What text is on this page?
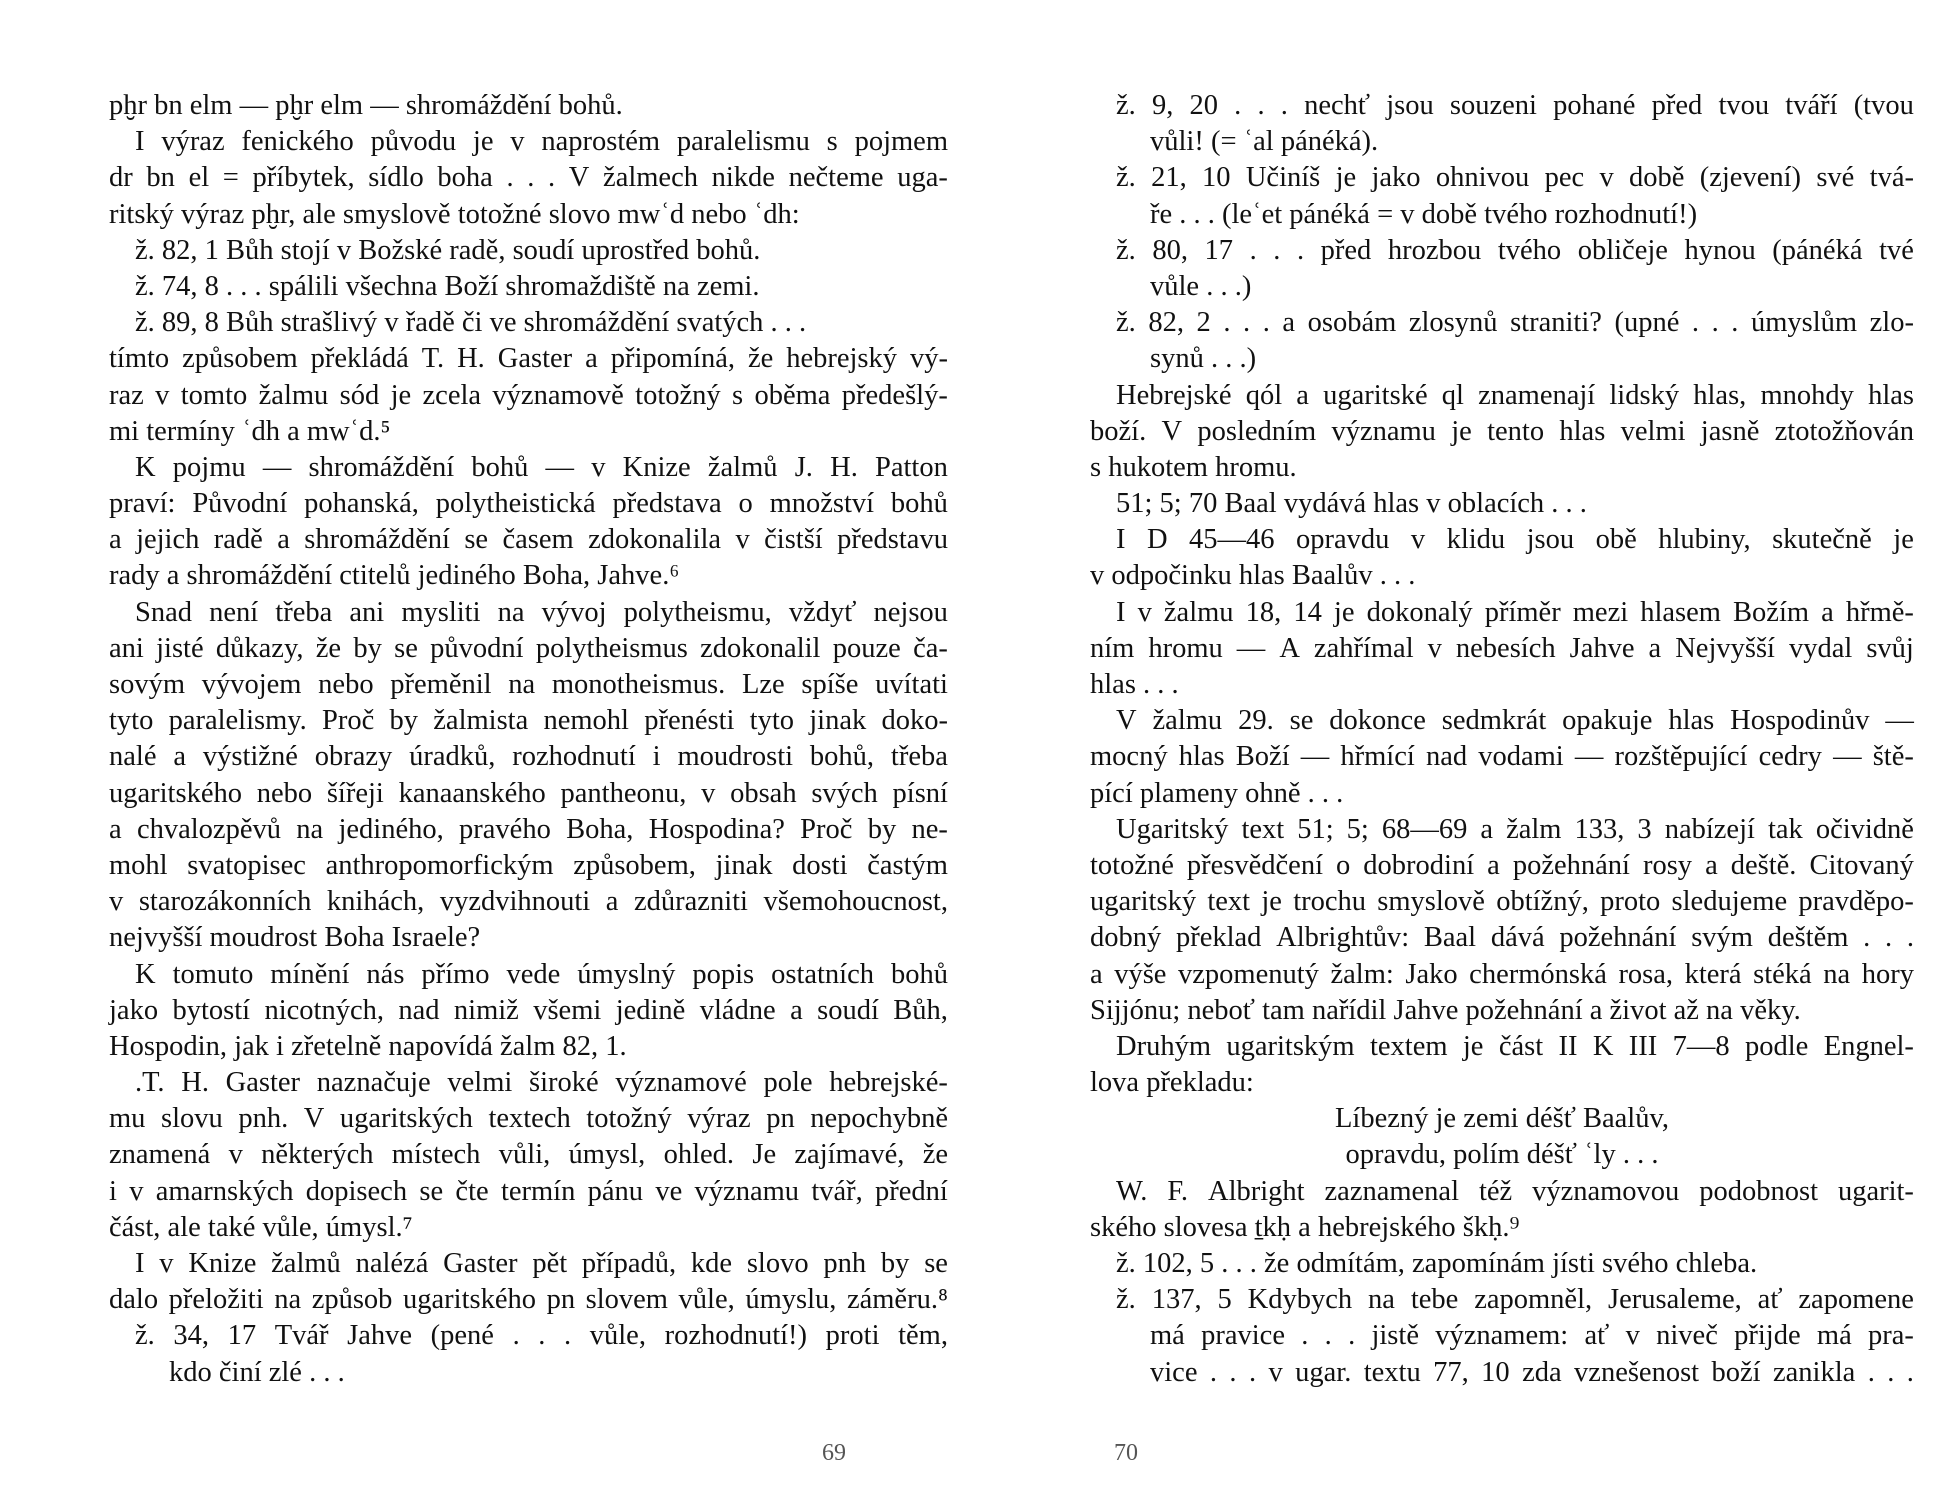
pḫr bn elm — pḫr elm — shromáždění bohů.
I výraz fenického původu je v naprostém paralelismu s pojmem
dr bn el = příbytek, sídlo boha . . . V žalmech nikde nečteme uga-
ritský výraz pḫr, ale smyslově totožné slovo mwʿd nebo ʿdh:
ž. 82, 1 Bůh stojí v Božské radě, soudí uprostřed bohů.
ž. 74, 8 . . . spálili všechna Boží shromaždiště na zemi.
ž. 89, 8 Bůh strašlivý v řadě či ve shromáždění svatých . . .
tímto způsobem překládá T. H. Gaster a připomíná, že hebrejský vý-
raz v tomto žalmu sód je zcela významově totožný s oběma předešlý-
mi termíny ʿdh a mwʿd.⁵
K pojmu — shromáždění bohů — v Knize žalmů J. H. Patton
praví: Původní pohanská, polytheistická představa o množství bohů
a jejich radě a shromáždění se časem zdokonalila v čistší představu
rady a shromáždění ctitelů jediného Boha, Jahve.⁶
Snad není třeba ani mysliti na vývoj polytheismu, vždyť nejsou
ani jisté důkazy, že by se původní polytheismus zdokonalil pouze ča-
sovým vývojem nebo přeměnil na monotheismus. Lze spíše uvítati
tyto paralelismy. Proč by žalmista nemohl přenésti tyto jinak doko-
nalé a výstižné obrazy úradků, rozhodnutí i moudrosti bohů, třeba
ugaritského nebo šířeji kanaanského pantheonu, v obsah svých písní
a chvalozpěvů na jediného, pravého Boha, Hospodina? Proč by ne-
mohl svatopisec anthropomorfickým způsobem, jinak dosti častým
v starozákonních knihách, vyzdvihnouti a zdůrazniti všemohoucnost,
nejvyšší moudrost Boha Israele?
K tomuto mínění nás přímo vede úmyslný popis ostatních bohů
jako bytostí nicotných, nad nimiž všemi jedině vládne a soudí Bůh,
Hospodin, jak i zřetelně napovídá žalm 82, 1.
.T. H. Gaster naznačuje velmi široké významové pole hebrejské-
mu slovu pnh. V ugaritských textech totožný výraz pn nepochybně
znamená v některých místech vůli, úmysl, ohled. Je zajímavé, že
i v amarnských dopisech se čte termín pánu ve významu tvář, přední
část, ale také vůle, úmysl.⁷
I v Knize žalmů nalézá Gaster pět případů, kde slovo pnh by se
dalo přeložiti na způsob ugaritského pn slovem vůle, úmyslu, záměru.⁸
ž. 34, 17 Tvář Jahve (pené . . . vůle, rozhodnutí!) proti těm,
kdo činí zlé . . .
ž. 9, 20 . . . nechť jsou souzeni pohané před tvou tváří (tvou
vůli! (= ʿal pánéká).
ž. 21, 10 Učiníš je jako ohnivou pec v době (zjevení) své tvá-
ře . . . (leʿet pánéká = v době tvého rozhodnutí!)
ž. 80, 17 . . . před hrozbou tvého obličeje hynou (pánéká tvé
vůle . . .)
ž. 82, 2 . . . a osobám zlosynů straniti? (upné . . . úmyslům zlo-
synů . . .)
Hebrejské qól a ugaritské ql znamenají lidský hlas, mnohdy hlas
boží. V posledním významu je tento hlas velmi jasně ztotožňován
s hukotem hromu.
51; 5; 70 Baal vydává hlas v oblacích . . .
I D 45—46 opravdu v klidu jsou obě hlubiny, skutečně je
v odpočinku hlas Baalův . . .
I v žalmu 18, 14 je dokonalý příměr mezi hlasem Božím a hřmě-
ním hromu — A zahřímal v nebesích Jahve a Nejvyšší vydal svůj
hlas . . .
V žalmu 29. se dokonce sedmkrát opakuje hlas Hospodinův —
mocný hlas Boží — hřmící nad vodami — rozštěpující cedry — ště-
pící plameny ohně . . .
Ugaritský text 51; 5; 68—69 a žalm 133, 3 nabízejí tak očividně
totožné přesvědčení o dobrodiní a požehnání rosy a deště. Citovaný
ugaritský text je trochu smyslově obtížný, proto sledujeme pravděpo-
dobný překlad Albrightův: Baal dává požehnání svým deštěm . . .
a výše vzpomenutý žalm: Jako chermónská rosa, která stéká na hory
Sijjónu; neboť tam nařídil Jahve požehnání a život až na věky.
Druhým ugaritským textem je část II K III 7—8 podle Engnel-
lova překladu:
Líbezný je zemi déšť Baalův,
opravdu, polím déšť ʿly . . .
W. F. Albright zaznamenal též významovou podobnost ugarit-
ského slovesa ṯkḥ a hebrejského škḥ.⁹
ž. 102, 5 . . . že odmítám, zapomínám jísti svého chleba.
ž. 137, 5 Kdybych na tebe zapomněl, Jerusaleme, ať zapomene
má pravice . . . jistě významem: ať v niveč přijde má pra-
vice . . . v ugar. textu 77, 10 zda vznešenost boží zanikla . . .
69	70
